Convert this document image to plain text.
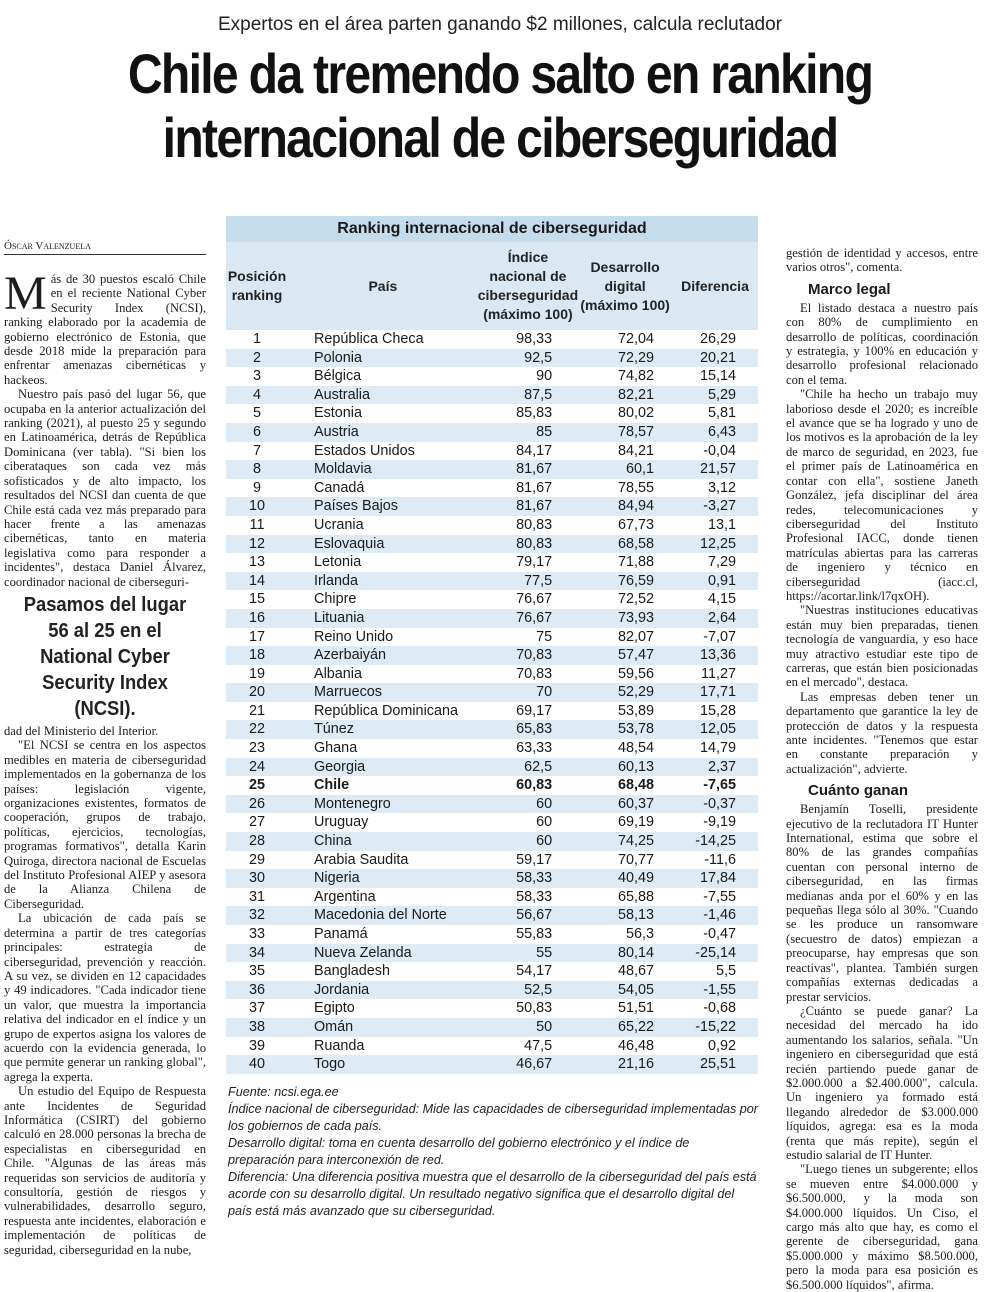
Expertos en el área parten ganando $2 millones, calcula reclutador
Chile da tremendo salto en ranking
internacional de ciberseguridad
Óscar Valenzuela

Más de 30 puestos escaló Chile en el reciente National Cyber Security Index (NCSI), ranking elaborado por la academia de gobierno electrónico de Estonia, que desde 2018 mide la preparación para enfrentar amenazas cibernéticas y hackeos.

Nuestro país pasó del lugar 56, que ocupaba en la anterior actualización del ranking (2021), al puesto 25 y segundo en Latinoamérica, detrás de República Dominicana (ver tabla). "Si bien los ciberataques son cada vez más sofisticados y de alto impacto, los resultados del NCSI dan cuenta de que Chile está cada vez más preparado para hacer frente a las amenazas cibernéticas, tanto en materia legislativa como para responder a incidentes", destaca Daniel Álvarez, coordinador nacional de ciberseguri-

Pasamos del lugar 56 al 25 en el National Cyber Security Index (NCSI).

dad del Ministerio del Interior.

"El NCSI se centra en los aspectos medibles en materia de ciberseguridad implementados en la gobernanza de los países: legislación vigente, organizaciones existentes, formatos de cooperación, grupos de trabajo, políticas, ejercicios, tecnologías, programas formativos", detalla Karin Quiroga, directora nacional de Escuelas del Instituto Profesional AIEP y asesora de la Alianza Chilena de Ciberseguridad.

La ubicación de cada país se determina a partir de tres categorías principales: estrategia de ciberseguridad, prevención y reacción. A su vez, se dividen en 12 capacidades y 49 indicadores. "Cada indicador tiene un valor, que muestra la importancia relativa del indicador en el índice y un grupo de expertos asigna los valores de acuerdo con la evidencia generada, lo que permite generar un ranking global", agrega la experta.

Un estudio del Equipo de Respuesta ante Incidentes de Seguridad Informática (CSIRT) del gobierno calculó en 28.000 personas la brecha de especialistas en ciberseguridad en Chile. "Algunas de las áreas más requeridas son servicios de auditoría y consultoría, gestión de riesgos y vulnerabilidades, desarrollo seguro, respuesta ante incidentes, elaboración e implementación de políticas de seguridad, ciberseguridad en la nube,

Ranking internacional de ciberseguridad
Posición ranking	País	Índice nacional de ciberseguridad (máximo 100)	Desarrollo digital (máximo 100)	Diferencia
1	República Checa	98,33	72,04	26,29
2	Polonia	92,5	72,29	20,21
3	Bélgica	90	74,82	15,14
4	Australia	87,5	82,21	5,29
5	Estonia	85,83	80,02	5,81
6	Austria	85	78,57	6,43
7	Estados Unidos	84,17	84,21	-0,04
8	Moldavia	81,67	60,1	21,57
9	Canadá	81,67	78,55	3,12
10	Países Bajos	81,67	84,94	-3,27
11	Ucrania	80,83	67,73	13,1
12	Eslovaquia	80,83	68,58	12,25
13	Letonia	79,17	71,88	7,29
14	Irlanda	77,5	76,59	0,91
15	Chipre	76,67	72,52	4,15
16	Lituania	76,67	73,93	2,64
17	Reino Unido	75	82,07	-7,07
18	Azerbaiyán	70,83	57,47	13,36
19	Albania	70,83	59,56	11,27
20	Marruecos	70	52,29	17,71
21	República Dominicana	69,17	53,89	15,28
22	Túnez	65,83	53,78	12,05
23	Ghana	63,33	48,54	14,79
24	Georgia	62,5	60,13	2,37
25	Chile	60,83	68,48	-7,65
26	Montenegro	60	60,37	-0,37
27	Uruguay	60	69,19	-9,19
28	China	60	74,25	-14,25
29	Arabia Saudita	59,17	70,77	-11,6
30	Nigeria	58,33	40,49	17,84
31	Argentina	58,33	65,88	-7,55
32	Macedonia del Norte	56,67	58,13	-1,46
33	Panamá	55,83	56,3	-0,47
34	Nueva Zelanda	55	80,14	-25,14
35	Bangladesh	54,17	48,67	5,5
36	Jordania	52,5	54,05	-1,55
37	Egipto	50,83	51,51	-0,68
38	Omán	50	65,22	-15,22
39	Ruanda	47,5	46,48	0,92
40	Togo	46,67	21,16	25,51

Fuente: ncsi.ega.ee

Índice nacional de ciberseguridad: Mide las capacidades de ciberseguridad implementadas por los gobiernos de cada país.

Desarrollo digital: toma en cuenta desarrollo del gobierno electrónico y el índice de preparación para interconexión de red.

Diferencia: Una diferencia positiva muestra que el desarrollo de la ciberseguridad del país está acorde con su desarrollo digital. Un resultado negativo significa que el desarrollo digital del país está más avanzado que su ciberseguridad.

gestión de identidad y accesos, entre varios otros", comenta.

Marco legal

El listado destaca a nuestro país con 80% de cumplimiento en desarrollo de políticas, coordinación y estrategia, y 100% en educación y desarrollo profesional relacionado con el tema.

"Chile ha hecho un trabajo muy laborioso desde el 2020; es increíble el avance que se ha logrado y uno de los motivos es la aprobación de la ley de marco de seguridad, en 2023, fue el primer país de Latinoamérica en contar con ella", sostiene Janeth González, jefa disciplinar del área redes, telecomunicaciones y ciberseguridad del Instituto Profesional IACC, donde tienen matrículas abiertas para las carreras de ingeniero y técnico en ciberseguridad (iacc.cl, https://acortar.link/l7qxOH).

"Nuestras instituciones educativas están muy bien preparadas, tienen tecnología de vanguardia, y eso hace muy atractivo estudiar este tipo de carreras, que están bien posicionadas en el mercado", destaca.

Las empresas deben tener un departamento que garantice la ley de protección de datos y la respuesta ante incidentes. "Tenemos que estar en constante preparación y actualización", advierte.

Cuánto ganan

Benjamín Toselli, presidente ejecutivo de la reclutadora IT Hunter International, estima que sobre el 80% de las grandes compañías cuentan con personal interno de ciberseguridad, en las firmas medianas anda por el 60% y en las pequeñas llega sólo al 30%. "Cuando se les produce un ransomware (secuestro de datos) empiezan a preocuparse, hay empresas que son reactivas", plantea. También surgen compañías externas dedicadas a prestar servicios.

¿Cuánto se puede ganar? La necesidad del mercado ha ido aumentando los salarios, señala. "Un ingeniero en ciberseguridad que está recién partiendo puede ganar de $2.000.000 a $2.400.000", calcula. Un ingeniero ya formado está llegando alrededor de $3.000.000 líquidos, agrega: esa es la moda (renta que más repite), según el estudio salarial de IT Hunter.

"Luego tienes un subgerente; ellos se mueven entre $4.000.000 y $6.500.000, y la moda son $4.000.000 líquidos. Un Ciso, el cargo más alto que hay, es como el gerente de ciberseguridad, gana $5.000.000 y máximo $8.500.000, pero la moda para esa posición es $6.500.000 líquidos", afirma.
